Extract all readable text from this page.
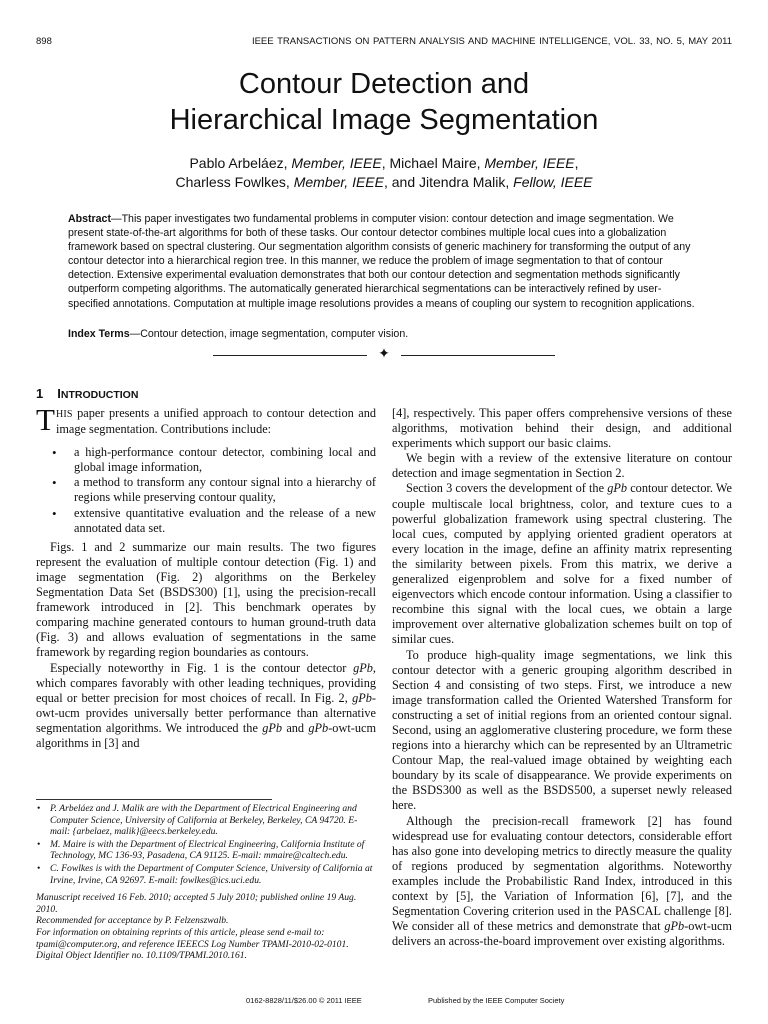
898	IEEE TRANSACTIONS ON PATTERN ANALYSIS AND MACHINE INTELLIGENCE, VOL. 33, NO. 5, MAY 2011
Contour Detection and
Hierarchical Image Segmentation
Pablo Arbeláez, Member, IEEE, Michael Maire, Member, IEEE,
Charless Fowlkes, Member, IEEE, and Jitendra Malik, Fellow, IEEE
Abstract—This paper investigates two fundamental problems in computer vision: contour detection and image segmentation. We present state-of-the-art algorithms for both of these tasks. Our contour detector combines multiple local cues into a globalization framework based on spectral clustering. Our segmentation algorithm consists of generic machinery for transforming the output of any contour detector into a hierarchical region tree. In this manner, we reduce the problem of image segmentation to that of contour detection. Extensive experimental evaluation demonstrates that both our contour detection and segmentation methods significantly outperform competing algorithms. The automatically generated hierarchical segmentations can be interactively refined by user-specified annotations. Computation at multiple image resolutions provides a means of coupling our system to recognition applications.
Index Terms—Contour detection, image segmentation, computer vision.
✦
1 INTRODUCTION

THIS paper presents a unified approach to contour detection and image segmentation. Contributions include:

• a high-performance contour detector, combining local and global image information,
• a method to transform any contour signal into a hierarchy of regions while preserving contour quality,
• extensive quantitative evaluation and the release of a new annotated data set.

Figs. 1 and 2 summarize our main results. The two figures represent the evaluation of multiple contour detection (Fig. 1) and image segmentation (Fig. 2) algorithms on the Berkeley Segmentation Data Set (BSDS300) [1], using the precision-recall framework introduced in [2]. This benchmark operates by comparing machine generated contours to human ground-truth data (Fig. 3) and allows evaluation of segmentations in the same framework by regarding region boundaries as contours.

Especially noteworthy in Fig. 1 is the contour detector gPb, which compares favorably with other leading techniques, providing equal or better precision for most choices of recall. In Fig. 2, gPb-owt-ucm provides universally better performance than alternative segmentation algorithms. We introduced the gPb and gPb-owt-ucm algorithms in [3] and

• P. Arbeláez and J. Malik are with the Department of Electrical Engineering and Computer Science, University of California at Berkeley, Berkeley, CA 94720. E-mail: {arbelaez, malik}@eecs.berkeley.edu.
• M. Maire is with the Department of Electrical Engineering, California Institute of Technology, MC 136-93, Pasadena, CA 91125. E-mail: mmaire@caltech.edu.
• C. Fowlkes is with the Department of Computer Science, University of California at Irvine, Irvine, CA 92697. E-mail: fowlkes@ics.uci.edu.
Manuscript received 16 Feb. 2010; accepted 5 July 2010; published online 19 Aug. 2010.
Recommended for acceptance by P. Felzenszwalb.
For information on obtaining reprints of this article, please send e-mail to: tpami@computer.org, and reference IEEECS Log Number TPAMI-2010-02-0101.
Digital Object Identifier no. 10.1109/TPAMI.2010.161.

[4], respectively. This paper offers comprehensive versions of these algorithms, motivation behind their design, and additional experiments which support our basic claims.

We begin with a review of the extensive literature on contour detection and image segmentation in Section 2.

Section 3 covers the development of the gPb contour detector. We couple multiscale local brightness, color, and texture cues to a powerful globalization framework using spectral clustering. The local cues, computed by applying oriented gradient operators at every location in the image, define an affinity matrix representing the similarity between pixels. From this matrix, we derive a generalized eigenproblem and solve for a fixed number of eigenvectors which encode contour information. Using a classifier to recombine this signal with the local cues, we obtain a large improvement over alternative globalization schemes built on top of similar cues.

To produce high-quality image segmentations, we link this contour detector with a generic grouping algorithm described in Section 4 and consisting of two steps. First, we introduce a new image transformation called the Oriented Watershed Transform for constructing a set of initial regions from an oriented contour signal. Second, using an agglomerative clustering procedure, we form these regions into a hierarchy which can be represented by an Ultrametric Contour Map, the real-valued image obtained by weighting each boundary by its scale of disappearance. We provide experiments on the BSDS300 as well as the BSDS500, a superset newly released here.

Although the precision-recall framework [2] has found widespread use for evaluating contour detectors, considerable effort has also gone into developing metrics to directly measure the quality of regions produced by segmentation algorithms. Noteworthy examples include the Probabilistic Rand Index, introduced in this context by [5], the Variation of Information [6], [7], and the Segmentation Covering criterion used in the PASCAL challenge [8]. We consider all of these metrics and demonstrate that gPb-owt-ucm delivers an across-the-board improvement over existing algorithms.

0162-8828/11/$26.00 © 2011 IEEE	Published by the IEEE Computer Society
